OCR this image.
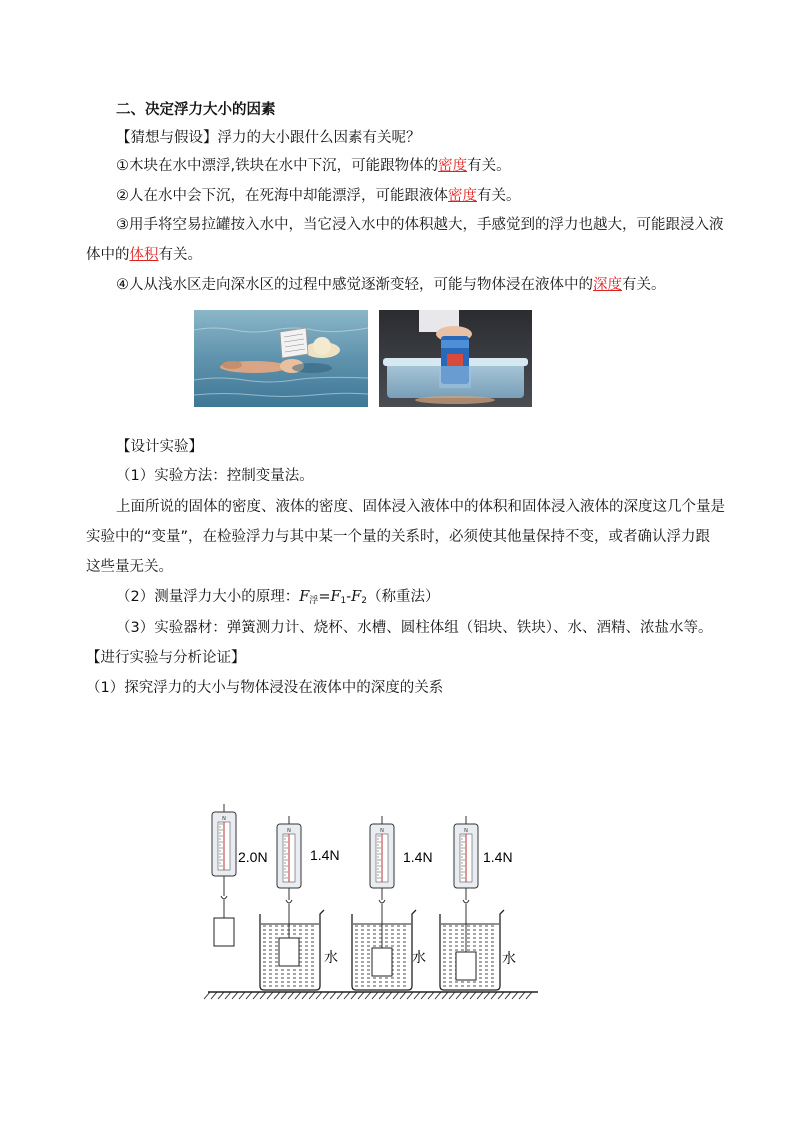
二、决定浮力大小的因素
【猜想与假设】浮力的大小跟什么因素有关呢？
①木块在水中漂浮,铁块在水中下沉，可能跟物体的密度有关。
②人在水中会下沉，在死海中却能漂浮，可能跟液体密度有关。
③用手将空易拉罐按入水中，当它浸入水中的体积越大，手感觉到的浮力也越大，可能跟浸入液
体中的体积有关。
④人从浅水区走向深水区的过程中感觉逐渐变轻，可能与物体浸在液体中的深度有关。
【设计实验】
（1）实验方法：控制变量法。
上面所说的固体的密度、液体的密度、固体浸入液体中的体积和固体浸入液体的深度这几个量是
实验中的“变量”，在检验浮力与其中某一个量的关系时，必须使其他量保持不变，或者确认浮力跟
这些量无关。
（2）测量浮力大小的原理：$F_浮=F_1-F_2$（称重法）
（3）实验器材：弹簧测力计、烧杯、水槽、圆柱体组（铝块、铁块）、水、酒精、浓盐水等。
【进行实验与分析论证】
（1）探究浮力的大小与物体浸没在液体中的深度的关系
N
2.0N
N	N	N
1.4N	1.4N	1.4N
水	水	水
